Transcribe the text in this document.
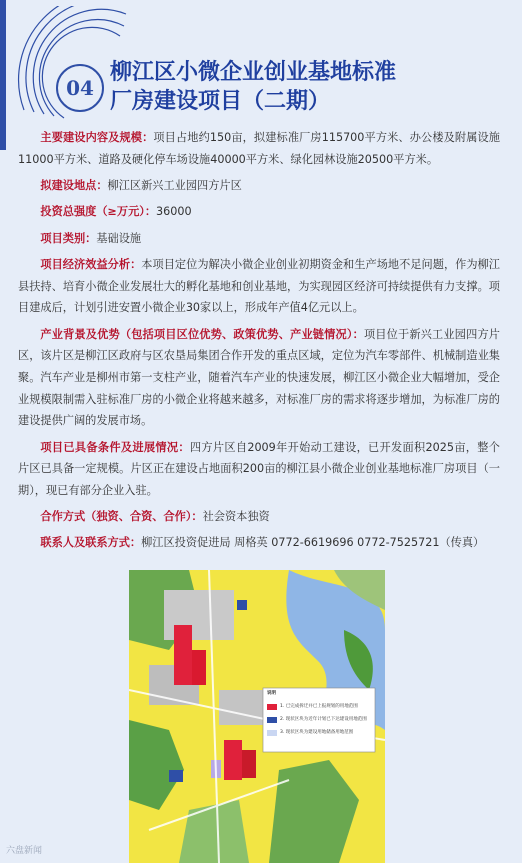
04
柳江区小微企业创业基地标准
厂房建设项目（二期）

主要建设内容及规模：项目占地约150亩，拟建标准厂房115700平方米、办公楼及附属设施11000平方米、道路及硬化停车场设施40000平方米、绿化园林设施20500平方米。

拟建设地点：柳江区新兴工业园四方片区

投资总强度（≥万元）：36000

项目类别：基础设施

项目经济效益分析：本项目定位为解决小微企业创业初期资金和生产场地不足问题，作为柳江县扶持、培育小微企业发展壮大的孵化基地和创业基地，为实现园区经济可持续提供有力支撑。项目建成后，计划引进安置小微企业30家以上，形成年产值4亿元以上。

产业背景及优势（包括项目区位优势、政策优势、产业链情况）：项目位于新兴工业园四方片区，该片区是柳江区政府与区农垦局集团合作开发的重点区域，定位为汽车零部件、机械制造业集聚。汽车产业是柳州市第一支柱产业，随着汽车产业的快速发展，柳江区小微企业大幅增加，受企业规模限制需入驻标准厂房的小微企业将越来越多，对标准厂房的需求将逐步增加，为标准厂房的建设提供广阔的发展市场。

项目已具备条件及进展情况：四方片区自2009年开始动工建设，已开发面积2025亩，整个片区已具备一定规模。片区正在建设占地面积200亩的柳江县小微企业创业基地标准厂房项目（一期），现已有部分企业入驻。

合作方式（独资、合资、合作）：社会资本独资

联系人及联系方式：柳江区投资促进局 周格英 0772-6619696 0772-7525721（传真）

说明
1. 已完成拆迁并已上报规划的用地范围
2. 现状区块为近年计划已下达建设用地范围
3. 现状区块为建设用地储备用地范围
六盘新闻
